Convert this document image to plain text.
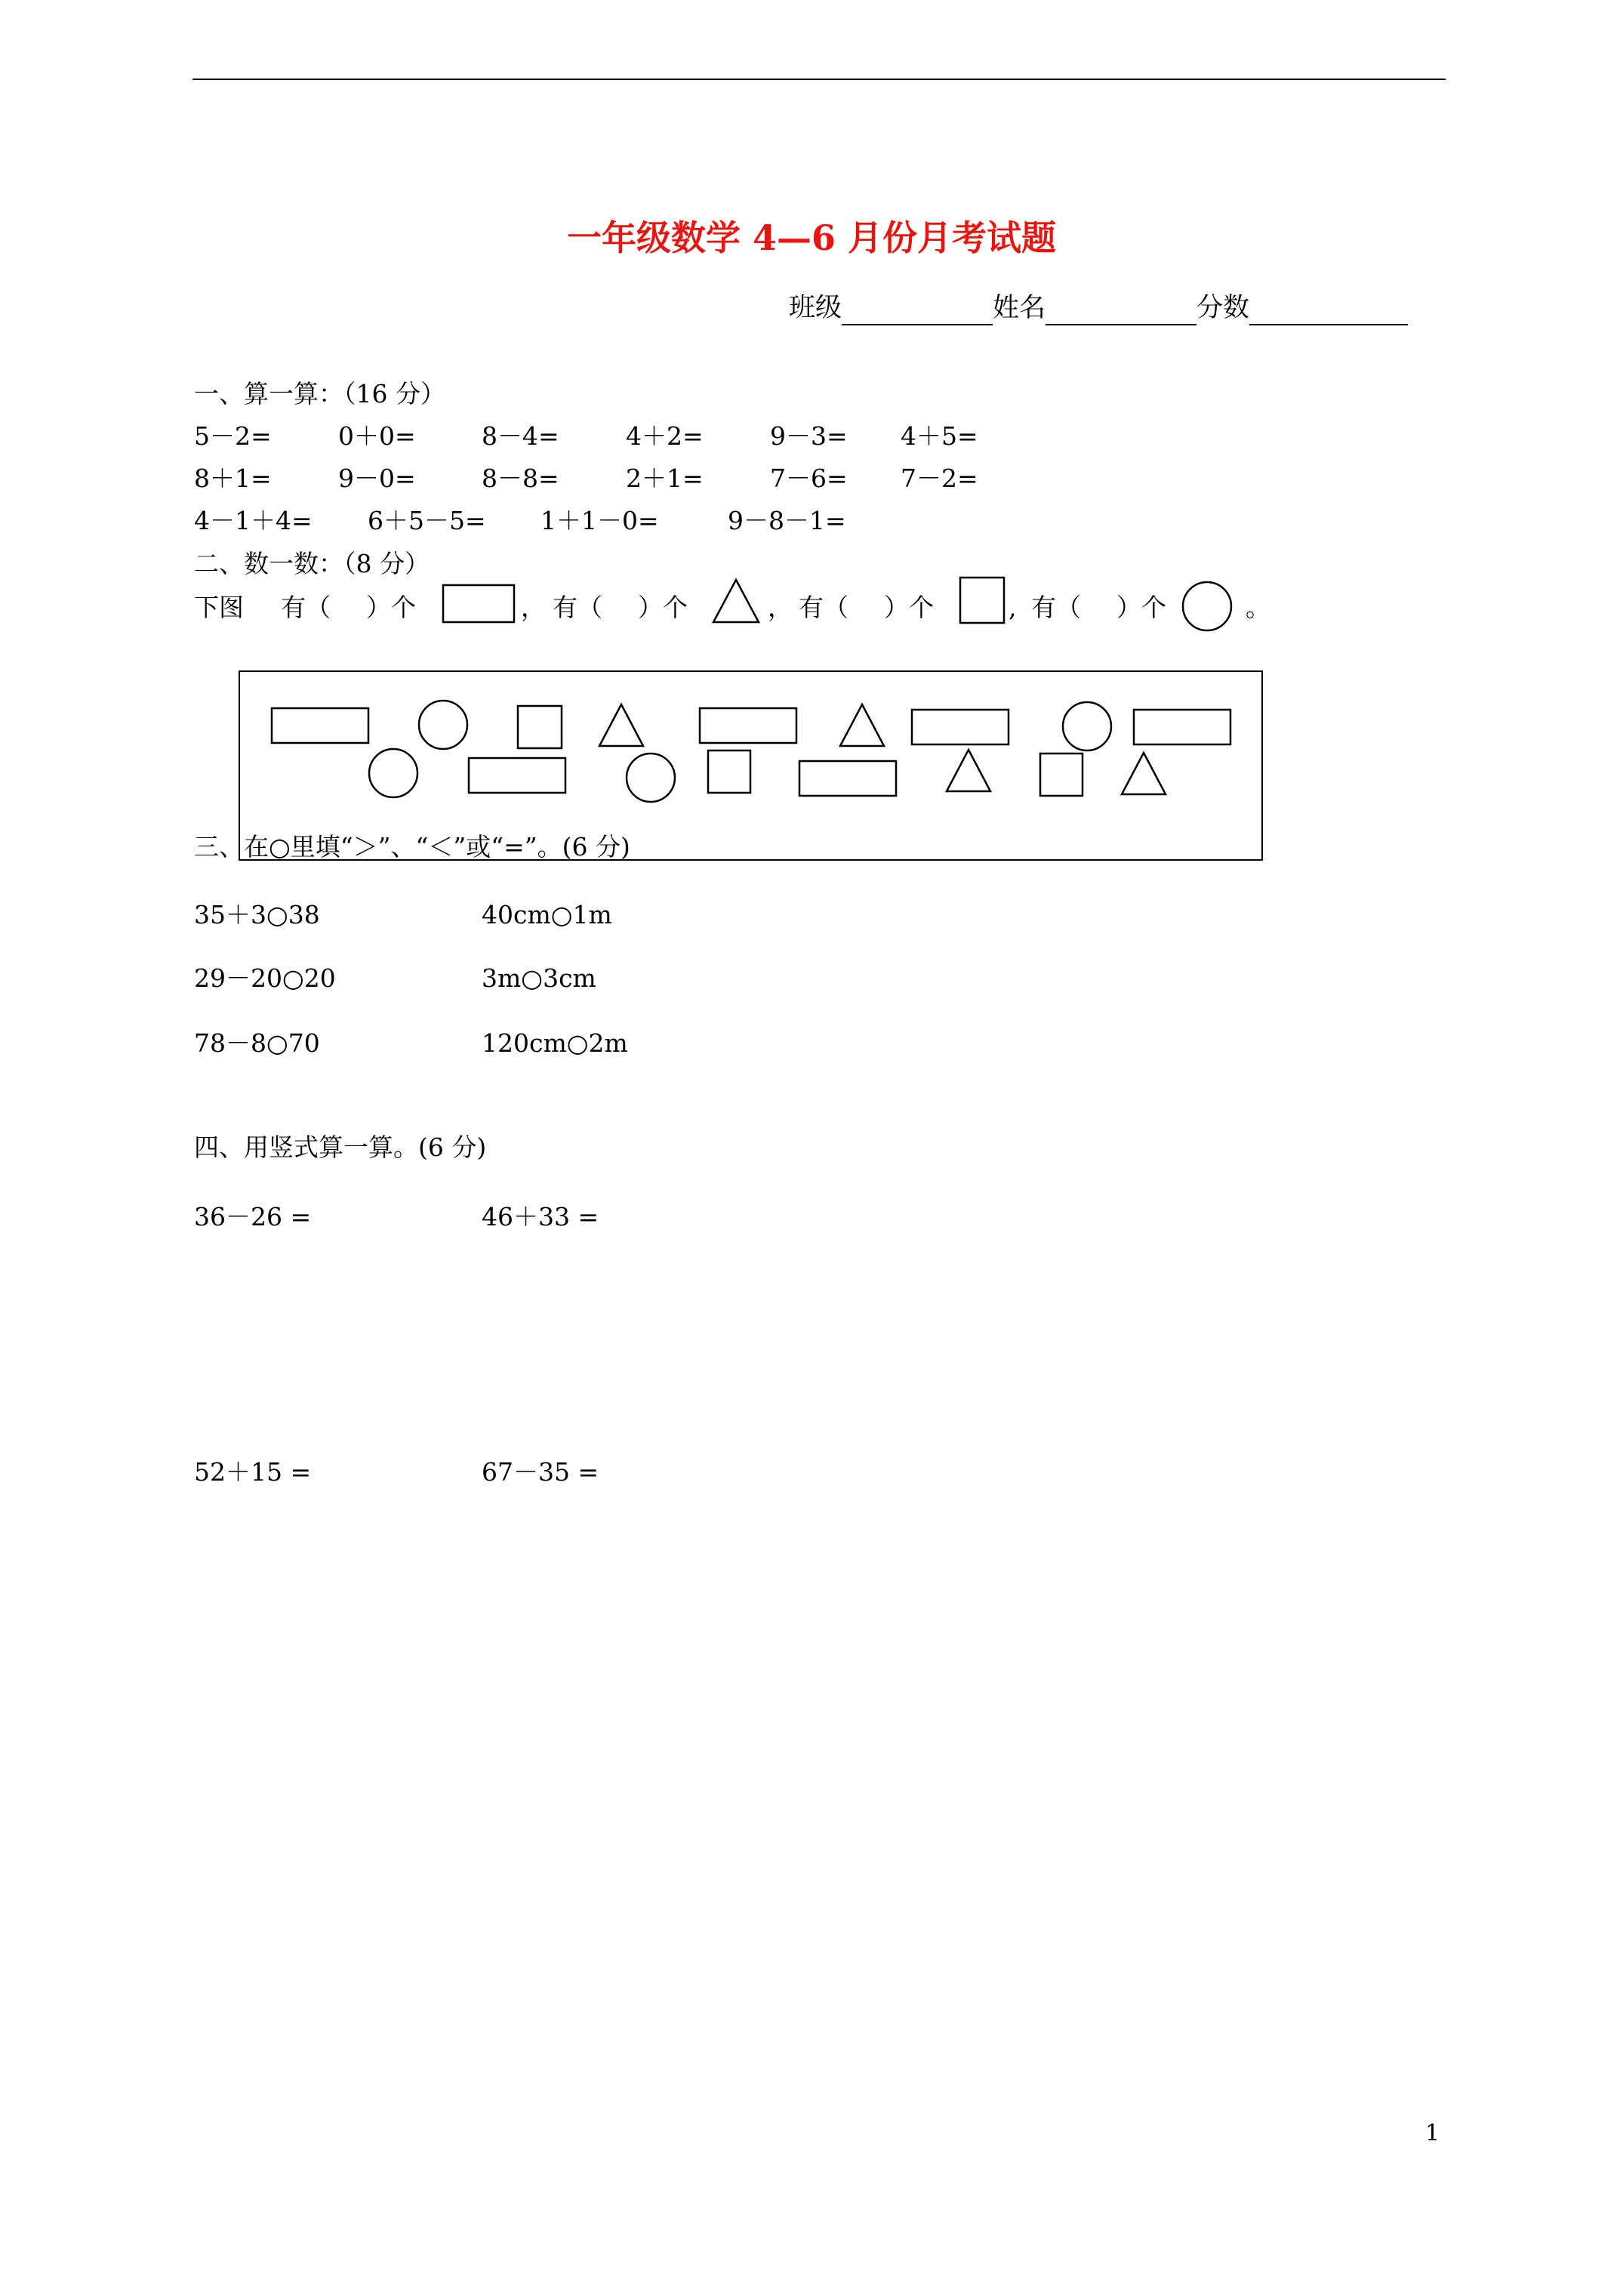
一年级数学 4—6 月份月考试题
班级	姓名	分数
一、算一算：（16 分）
5－2=	0＋0=	8－4=	4＋2=	9－3= 4＋5=
8＋1=	9－0=	8－8=	2＋1=	7－6= 7－2=
4－1＋4= 6＋5－5= 1＋1－0=	9－8－1=
二、数一数：（8 分）
下图 有（ ）个	， 有（ ）个	， 有（ ）个	, 有（ ）个	。
三、在○里填“＞”、“＜”或“=”。(6 分)
35＋3○38	40cm○1m
29－20○20	3m○3cm
78－8○70	120cm○2m
四、用竖式算一算。(6 分)
36－26 =	46＋33 =
52＋15 =	67－35 =
1
